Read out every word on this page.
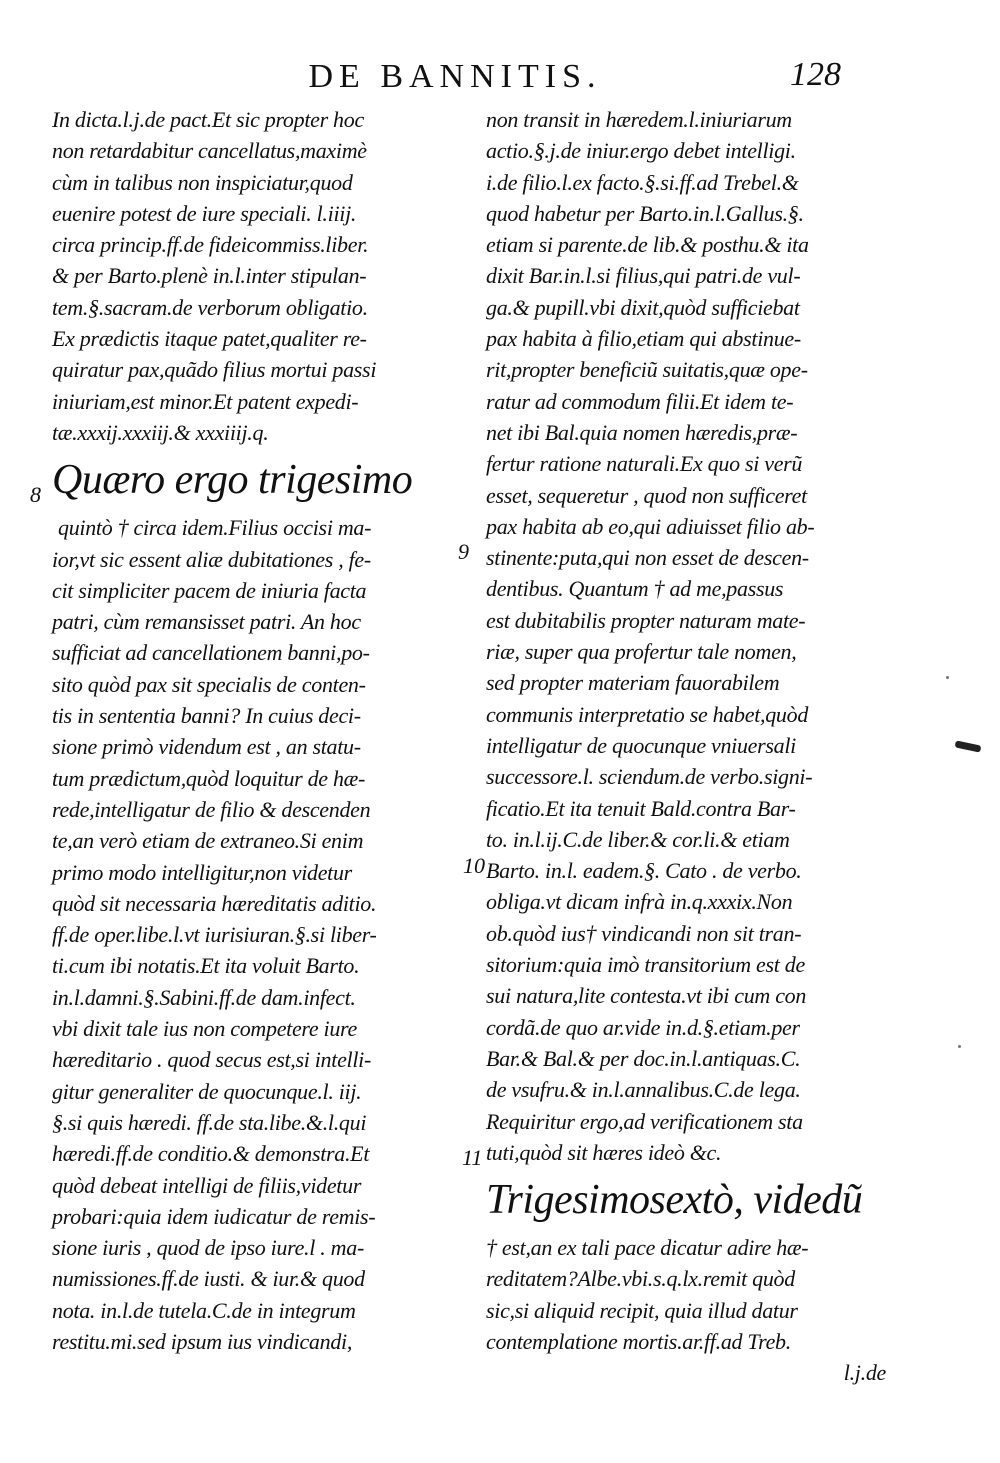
DE BANNITIS.	128
In dicta.l.j.de pact.Et sic propter hoc
non retardabitur cancellatus,maximè
cùm in talibus non inspiciatur,quod
euenire potest de iure speciali. l.iiij.
circa princip.ff.de fideicommiss.liber.
& per Barto.plenè in.l.inter stipulan-
tem.§.sacram.de verborum obligatio.
Ex prædictis itaque patet,qualiter re-
quiratur pax,quãdo filius mortui passi
iniuriam,est minor.Et patent expedi-
tæ.xxxij.xxxiij.& xxxiiij.q.
Quæro ergo trigesimo
quintò † circa idem.Filius occisi ma-
ior,vt sic essent aliæ dubitationes , fe-
cit simpliciter pacem de iniuria facta
patri, cùm remansisset patri. An hoc
sufficiat ad cancellationem banni,po-
sito quòd pax sit specialis de conten-
tis in sententia banni? In cuius deci-
sione primò videndum est , an statu-
tum prædictum,quòd loquitur de hæ-
rede,intelligatur de filio & descenden
te,an verò etiam de extraneo.Si enim
primo modo intelligitur,non videtur
quòd sit necessaria hæreditatis aditio.
ff.de oper.libe.l.vt iurisiuran.§.si liber-
ti.cum ibi notatis.Et ita voluit Barto.
in.l.damni.§.Sabini.ff.de dam.infect.
vbi dixit tale ius non competere iure
hæreditario . quod secus est,si intelli-
gitur generaliter de quocunque.l. iij.
§.si quis hæredi. ff.de sta.libe.&.l.qui
hæredi.ff.de conditio.& demonstra.Et
quòd debeat intelligi de filiis,videtur
probari:quia idem iudicatur de remis-
sione iuris , quod de ipso iure.l . ma-
numissiones.ff.de iusti. & iur.& quod
nota. in.l.de tutela.C.de in integrum
restitu.mi.sed ipsum ius vindicandi,
non transit in hæredem.l.iniuriarum
actio.§.j.de iniur.ergo debet intelligi.
i.de filio.l.ex facto.§.si.ff.ad Trebel.&
quod habetur per Barto.in.l.Gallus.§.
etiam si parente.de lib.& posthu.& ita
dixit Bar.in.l.si filius,qui patri.de vul-
ga.& pupill.vbi dixit,quòd sufficiebat
pax habita à filio,etiam qui abstinue-
rit,propter beneficiũ suitatis,quæ ope-
ratur ad commodum filii.Et idem te-
net ibi Bal.quia nomen hæredis,præ-
fertur ratione naturali.Ex quo si verũ
esset, sequeretur , quod non sufficeret
pax habita ab eo,qui adiuisset filio ab-
stinente:puta,qui non esset de descen-
dentibus. Quantum † ad me,passus
est dubitabilis propter naturam mate-
riæ, super qua profertur tale nomen,
sed propter materiam fauorabilem
communis interpretatio se habet,quòd
intelligatur de quocunque vniuersali
successore.l. sciendum.de verbo.signi-
ficatio.Et ita tenuit Bald.contra Bar-
to. in.l.ij.C.de liber.& cor.li.& etiam
Barto. in.l. eadem.§. Cato . de verbo.
obliga.vt dicam infrà in.q.xxxix.Non
ob.quòd ius† vindicandi non sit tran-
sitorium:quia imò transitorium est de
sui natura,lite contesta.vt ibi cum con
cordã.de quo ar.vide in.d.§.etiam.per
Bar.& Bal.& per doc.in.l.antiquas.C.
de vsufru.& in.l.annalibus.C.de lega.
Requiritur ergo,ad verificationem sta
tuti,quòd sit hæres ideò &c.
Trigesimosextò, videdũ
† est,an ex tali pace dicatur adire hæ-
reditatem?Albe.vbi.s.q.lx.remit quòd
sic,si aliquid recipit, quia illud datur
contemplatione mortis.ar.ff.ad Treb.
l.j.de
8
9
10
11
